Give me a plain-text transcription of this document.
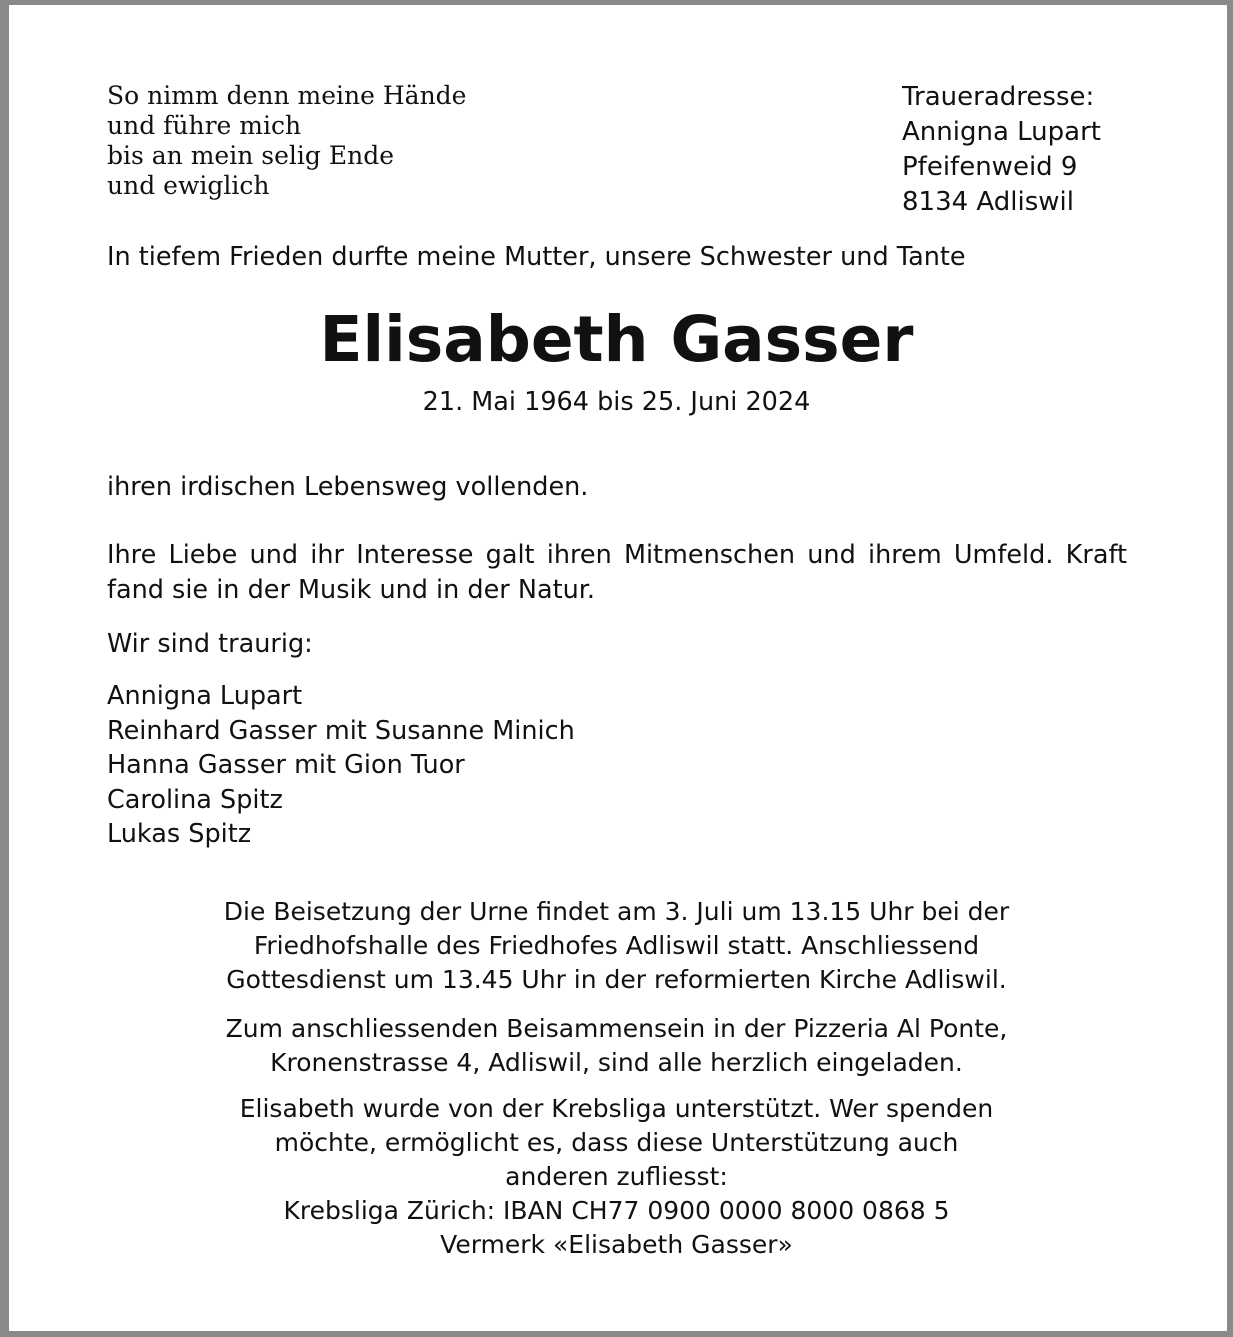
So nimm denn meine Hände
und führe mich
bis an mein selig Ende
und ewiglich
Traueradresse:
Annigna Lupart
Pfeifenweid 9
8134 Adliswil
In tiefem Frieden durfte meine Mutter, unsere Schwester und Tante
Elisabeth Gasser
21. Mai 1964 bis 25. Juni 2024
ihren irdischen Lebensweg vollenden.
Ihre Liebe und ihr Interesse galt ihren Mitmenschen und ihrem Umfeld. Kraft fand sie in der Musik und in der Natur.
Wir sind traurig:
Annigna Lupart
Reinhard Gasser mit Susanne Minich
Hanna Gasser mit Gion Tuor
Carolina Spitz
Lukas Spitz
Die Beisetzung der Urne findet am 3. Juli um 13.15 Uhr bei der
Friedhofshalle des Friedhofes Adliswil statt. Anschliessend
Gottesdienst um 13.45 Uhr in der reformierten Kirche Adliswil.
Zum anschliessenden Beisammensein in der Pizzeria Al Ponte,
Kronenstrasse 4, Adliswil, sind alle herzlich eingeladen.
Elisabeth wurde von der Krebsliga unterstützt. Wer spenden
möchte, ermöglicht es, dass diese Unterstützung auch
anderen zufliesst:
Krebsliga Zürich: IBAN CH77 0900 0000 8000 0868 5
Vermerk «Elisabeth Gasser»
